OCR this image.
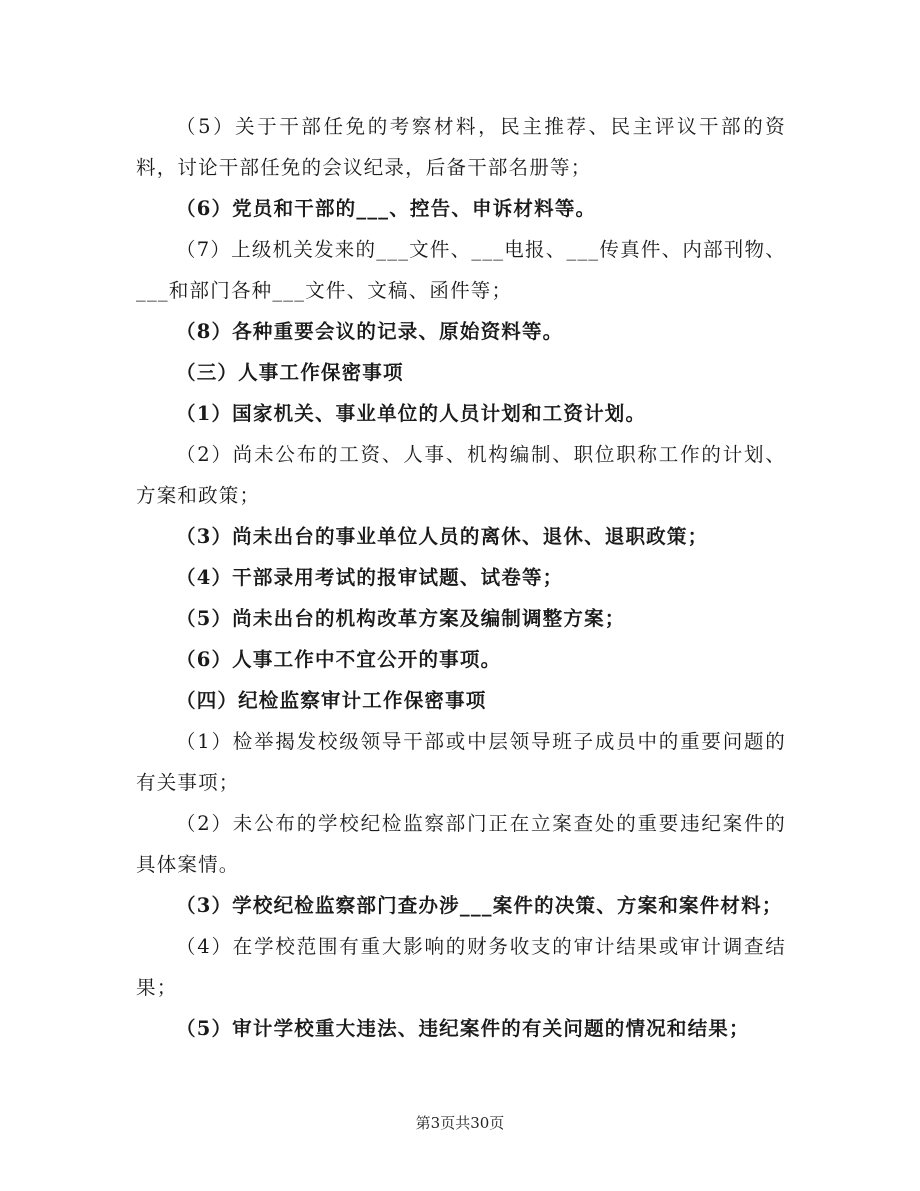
（5）关于干部任免的考察材料，民主推荐、民主评议干部的资料，讨论干部任免的会议纪录，后备干部名册等；

（6）党员和干部的___、控告、申诉材料等。

（7）上级机关发来的___文件、___电报、___传真件、内部刊物、___和部门各种___文件、文稿、函件等；

（8）各种重要会议的记录、原始资料等。

（三）人事工作保密事项

（1）国家机关、事业单位的人员计划和工资计划。

（2）尚未公布的工资、人事、机构编制、职位职称工作的计划、方案和政策；

（3）尚未出台的事业单位人员的离休、退休、退职政策；

（4）干部录用考试的报审试题、试卷等；

（5）尚未出台的机构改革方案及编制调整方案；

（6）人事工作中不宜公开的事项。

（四）纪检监察审计工作保密事项

（1）检举揭发校级领导干部或中层领导班子成员中的重要问题的有关事项；

（2）未公布的学校纪检监察部门正在立案查处的重要违纪案件的具体案情。

（3）学校纪检监察部门查办涉___案件的决策、方案和案件材料；

（4）在学校范围有重大影响的财务收支的审计结果或审计调查结果；

（5）审计学校重大违法、违纪案件的有关问题的情况和结果；

第3页共30页
